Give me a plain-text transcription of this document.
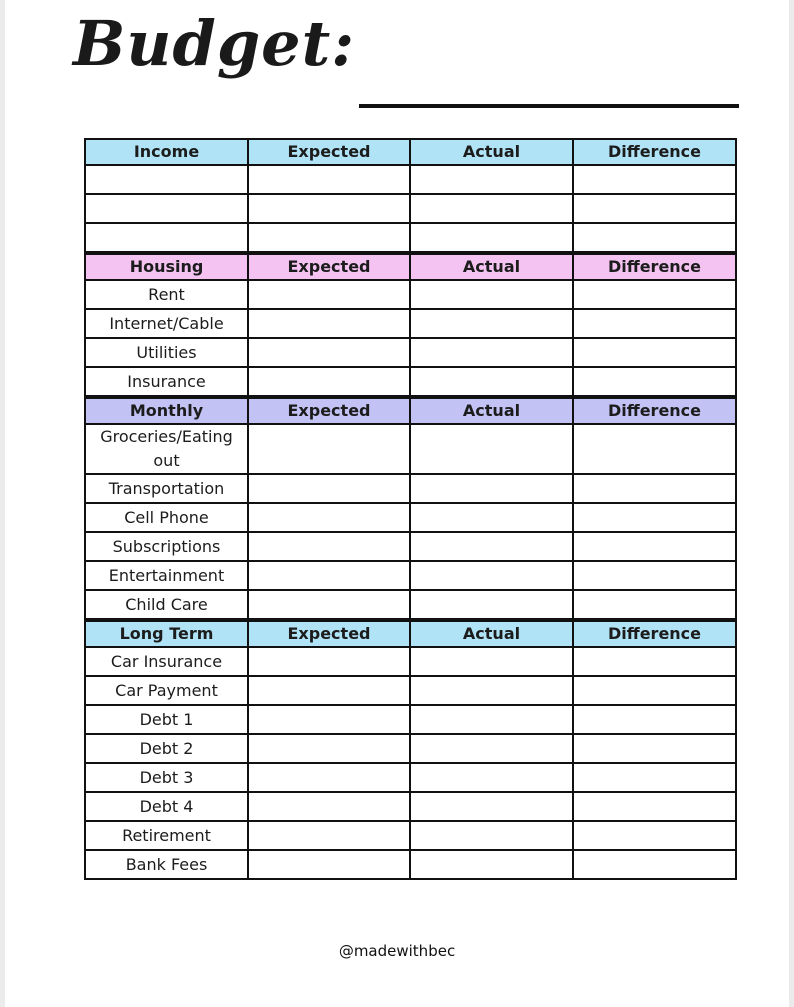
Budget:
Income	Expected	Actual	Difference

Housing	Expected	Actual	Difference
Rent			
Internet/Cable			
Utilities			
Insurance			
Monthly	Expected	Actual	Difference
Groceries/Eating out			
Transportation			
Cell Phone			
Subscriptions			
Entertainment			
Child Care			
Long Term	Expected	Actual	Difference
Car Insurance			
Car Payment			
Debt 1			
Debt 2			
Debt 3			
Debt 4			
Retirement			
Bank Fees			
@madewithbec
